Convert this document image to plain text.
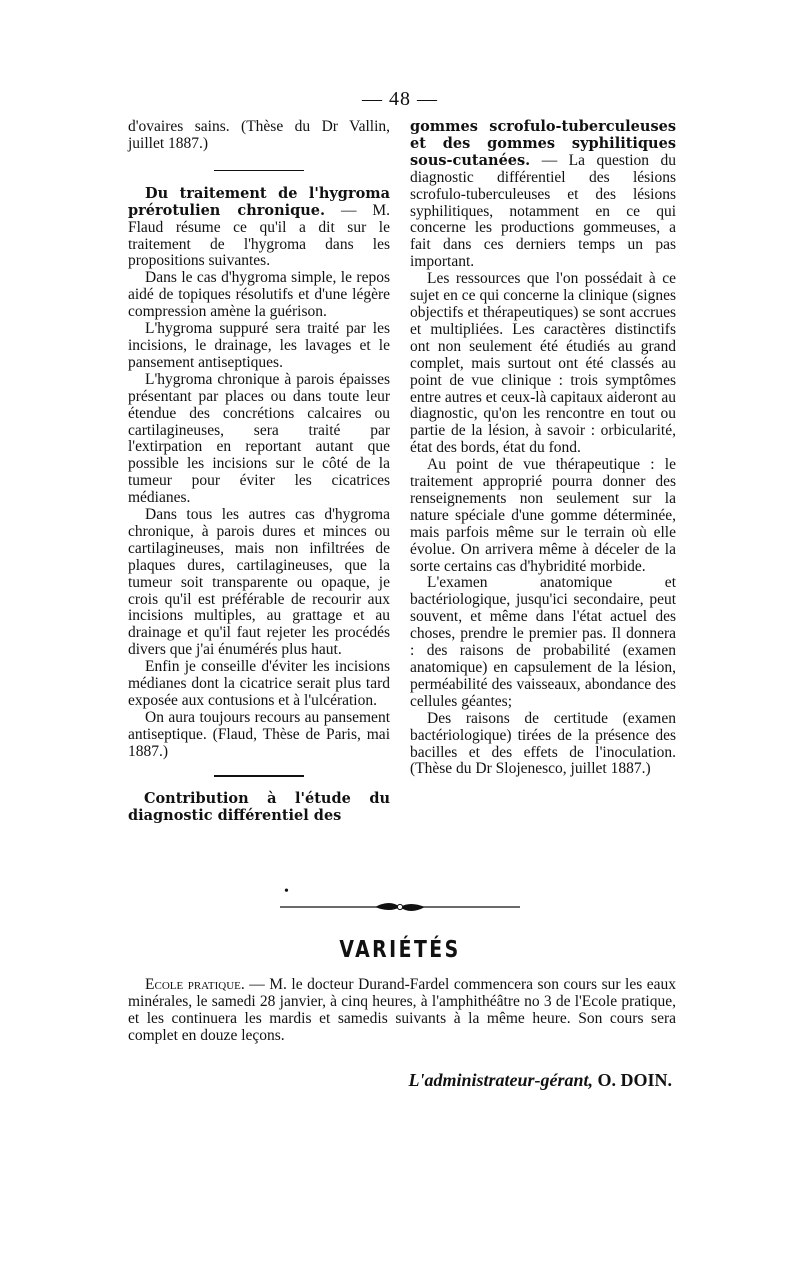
— 48 —

d'ovaires sains. (Thèse du Dr Vallin, juillet 1887.)

Du traitement de l'hygroma prérotulien chronique. — M. Flaud résume ce qu'il a dit sur le traitement de l'hygroma dans les propositions suivantes.

Dans le cas d'hygroma simple, le repos aidé de topiques résolutifs et d'une légère compression amène la guérison.

L'hygroma suppuré sera traité par les incisions, le drainage, les lavages et le pansement antiseptiques.

L'hygroma chronique à parois épaisses présentant par places ou dans toute leur étendue des concrétions calcaires ou cartilagineuses, sera traité par l'extirpation en reportant autant que possible les incisions sur le côté de la tumeur pour éviter les cicatrices médianes.

Dans tous les autres cas d'hygroma chronique, à parois dures et minces ou cartilagineuses, mais non infiltrées de plaques dures, cartilagineuses, que la tumeur soit transparente ou opaque, je crois qu'il est préférable de recourir aux incisions multiples, au grattage et au drainage et qu'il faut rejeter les procédés divers que j'ai énumérés plus haut.

Enfin je conseille d'éviter les incisions médianes dont la cicatrice serait plus tard exposée aux contusions et à l'ulcération.

On aura toujours recours au pansement antiseptique. (Flaud, Thèse de Paris, mai 1887.)

Contribution à l'étude du diagnostic différentiel des

gommes scrofulo-tuberculeuses et des gommes syphilitiques sous-cutanées. — La question du diagnostic différentiel des lésions scrofulo-tuberculeuses et des lésions syphilitiques, notamment en ce qui concerne les productions gommeuses, a fait dans ces derniers temps un pas important.

Les ressources que l'on possédait à ce sujet en ce qui concerne la clinique (signes objectifs et thérapeutiques) se sont accrues et multipliées. Les caractères distinctifs ont non seulement été étudiés au grand complet, mais surtout ont été classés au point de vue clinique : trois symptômes entre autres et ceux-là capitaux aideront au diagnostic, qu'on les rencontre en tout ou partie de la lésion, à savoir : orbicularité, état des bords, état du fond.

Au point de vue thérapeutique : le traitement approprié pourra donner des renseignements non seulement sur la nature spéciale d'une gomme déterminée, mais parfois même sur le terrain où elle évolue. On arrivera même à déceler de la sorte certains cas d'hybridité morbide.

L'examen anatomique et bactériologique, jusqu'ici secondaire, peut souvent, et même dans l'état actuel des choses, prendre le premier pas. Il donnera : des raisons de probabilité (examen anatomique) en capsulement de la lésion, perméabilité des vaisseaux, abondance des cellules géantes;

Des raisons de certitude (examen bactériologique) tirées de la présence des bacilles et des effets de l'inoculation. (Thèse du Dr Slojenesco, juillet 1887.)

•
VARIÉTÉS

Ecole pratique. — M. le docteur Durand-Fardel commencera son cours sur les eaux minérales, le samedi 28 janvier, à cinq heures, à l'amphithéâtre no 3 de l'Ecole pratique, et les continuera les mardis et samedis suivants à la même heure. Son cours sera complet en douze leçons.

L'administrateur-gérant, O. DOIN.
